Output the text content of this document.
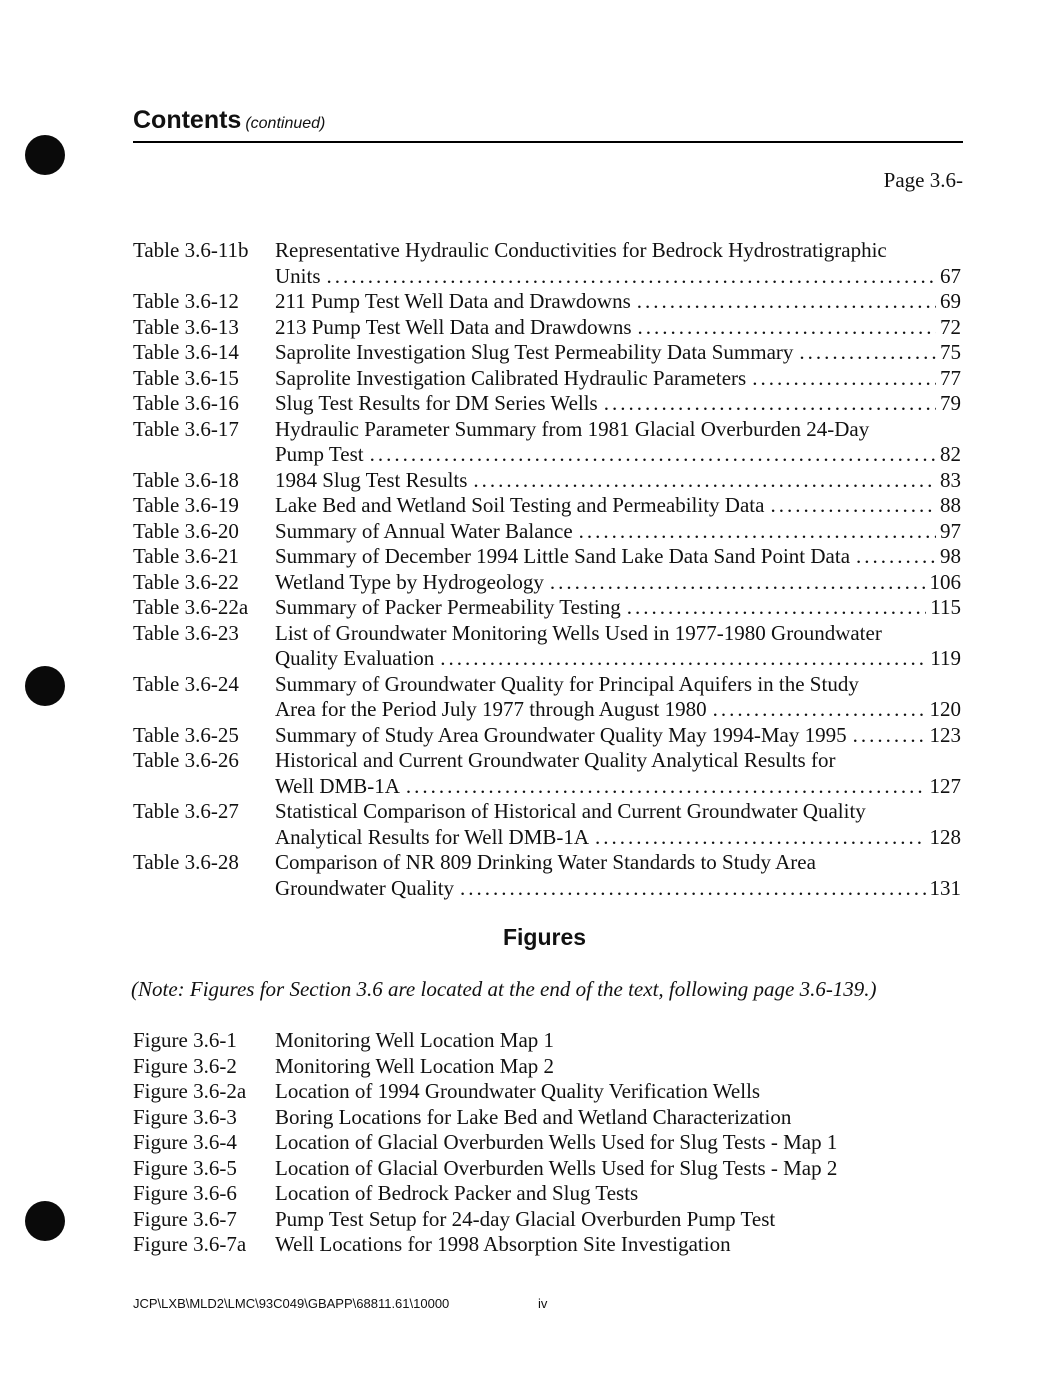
Contents (continued)
Page 3.6-
Table 3.6-11b	Representative Hydraulic Conductivities for Bedrock Hydrostratigraphic
Units .....	67
Table 3.6-12	211 Pump Test Well Data and Drawdowns .....	69
Table 3.6-13	213 Pump Test Well Data and Drawdowns .....	72
Table 3.6-14	Saprolite Investigation Slug Test Permeability Data Summary .....	75
Table 3.6-15	Saprolite Investigation Calibrated Hydraulic Parameters .....	77
Table 3.6-16	Slug Test Results for DM Series Wells .....	79
Table 3.6-17	Hydraulic Parameter Summary from 1981 Glacial Overburden 24-Day
Pump Test .....	82
Table 3.6-18	1984 Slug Test Results .....	83
Table 3.6-19	Lake Bed and Wetland Soil Testing and Permeability Data .....	88
Table 3.6-20	Summary of Annual Water Balance .....	97
Table 3.6-21	Summary of December 1994 Little Sand Lake Data Sand Point Data .....	98
Table 3.6-22	Wetland Type by Hydrogeology .....	106
Table 3.6-22a	Summary of Packer Permeability Testing .....	115
Table 3.6-23	List of Groundwater Monitoring Wells Used in 1977-1980 Groundwater
Quality Evaluation .....	119
Table 3.6-24	Summary of Groundwater Quality for Principal Aquifers in the Study
Area for the Period July 1977 through August 1980 .....	120
Table 3.6-25	Summary of Study Area Groundwater Quality May 1994-May 1995 .....	123
Table 3.6-26	Historical and Current Groundwater Quality Analytical Results for
Well DMB-1A .....	127
Table 3.6-27	Statistical Comparison of Historical and Current Groundwater Quality
Analytical Results for Well DMB-1A .....	128
Table 3.6-28	Comparison of NR 809 Drinking Water Standards to Study Area
Groundwater Quality .....	131
Figures
(Note: Figures for Section 3.6 are located at the end of the text, following page 3.6-139.)
Figure 3.6-1	Monitoring Well Location Map 1
Figure 3.6-2	Monitoring Well Location Map 2
Figure 3.6-2a	Location of 1994 Groundwater Quality Verification Wells
Figure 3.6-3	Boring Locations for Lake Bed and Wetland Characterization
Figure 3.6-4	Location of Glacial Overburden Wells Used for Slug Tests - Map 1
Figure 3.6-5	Location of Glacial Overburden Wells Used for Slug Tests - Map 2
Figure 3.6-6	Location of Bedrock Packer and Slug Tests
Figure 3.6-7	Pump Test Setup for 24-day Glacial Overburden Pump Test
Figure 3.6-7a	Well Locations for 1998 Absorption Site Investigation
JCP\LXB\MLD2\LMC\93C049\GBAPP\68811.61\10000	iv
